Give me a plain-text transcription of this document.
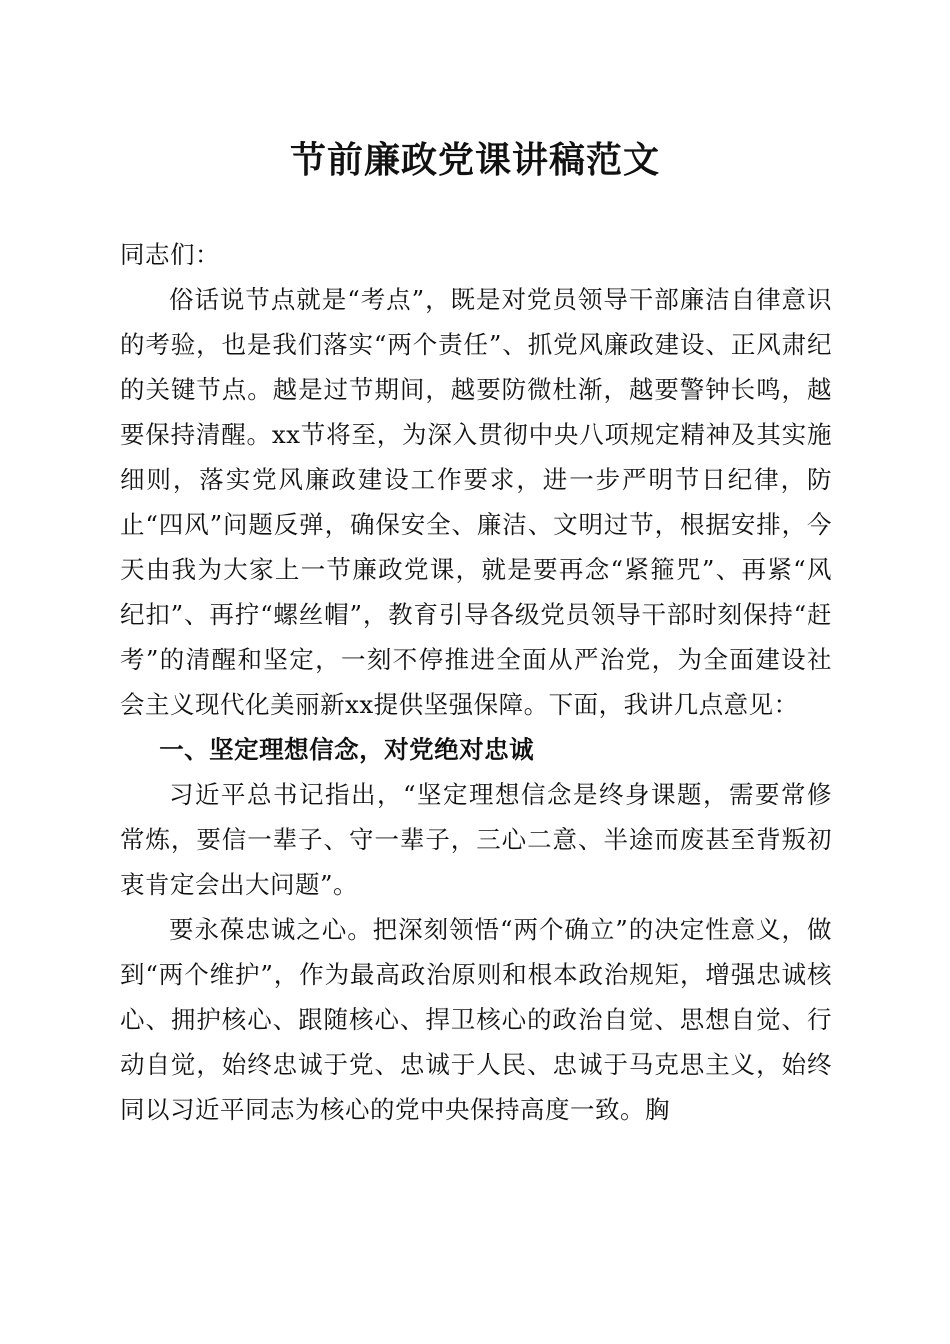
节前廉政党课讲稿范文

同志们：

俗话说节点就是“考点”，既是对党员领导干部廉洁自律意识的考验，也是我们落实“两个责任”、抓党风廉政建设、正风肃纪的关键节点。越是过节期间，越要防微杜渐，越要警钟长鸣，越要保持清醒。xx节将至，为深入贯彻中央八项规定精神及其实施细则，落实党风廉政建设工作要求，进一步严明节日纪律，防止“四风”问题反弹，确保安全、廉洁、文明过节，根据安排，今天由我为大家上一节廉政党课，就是要再念“紧箍咒”、再紧“风纪扣”、再拧“螺丝帽”，教育引导各级党员领导干部时刻保持“赶考”的清醒和坚定，一刻不停推进全面从严治党，为全面建设社会主义现代化美丽新xx提供坚强保障。下面，我讲几点意见：

一、坚定理想信念，对党绝对忠诚

习近平总书记指出，“坚定理想信念是终身课题，需要常修常炼，要信一辈子、守一辈子，三心二意、半途而废甚至背叛初衷肯定会出大问题”。

要永葆忠诚之心。把深刻领悟“两个确立”的决定性意义，做到“两个维护”，作为最高政治原则和根本政治规矩，增强忠诚核心、拥护核心、跟随核心、捍卫核心的政治自觉、思想自觉、行动自觉，始终忠诚于党、忠诚于人民、忠诚于马克思主义，始终同以习近平同志为核心的党中央保持高度一致。胸
